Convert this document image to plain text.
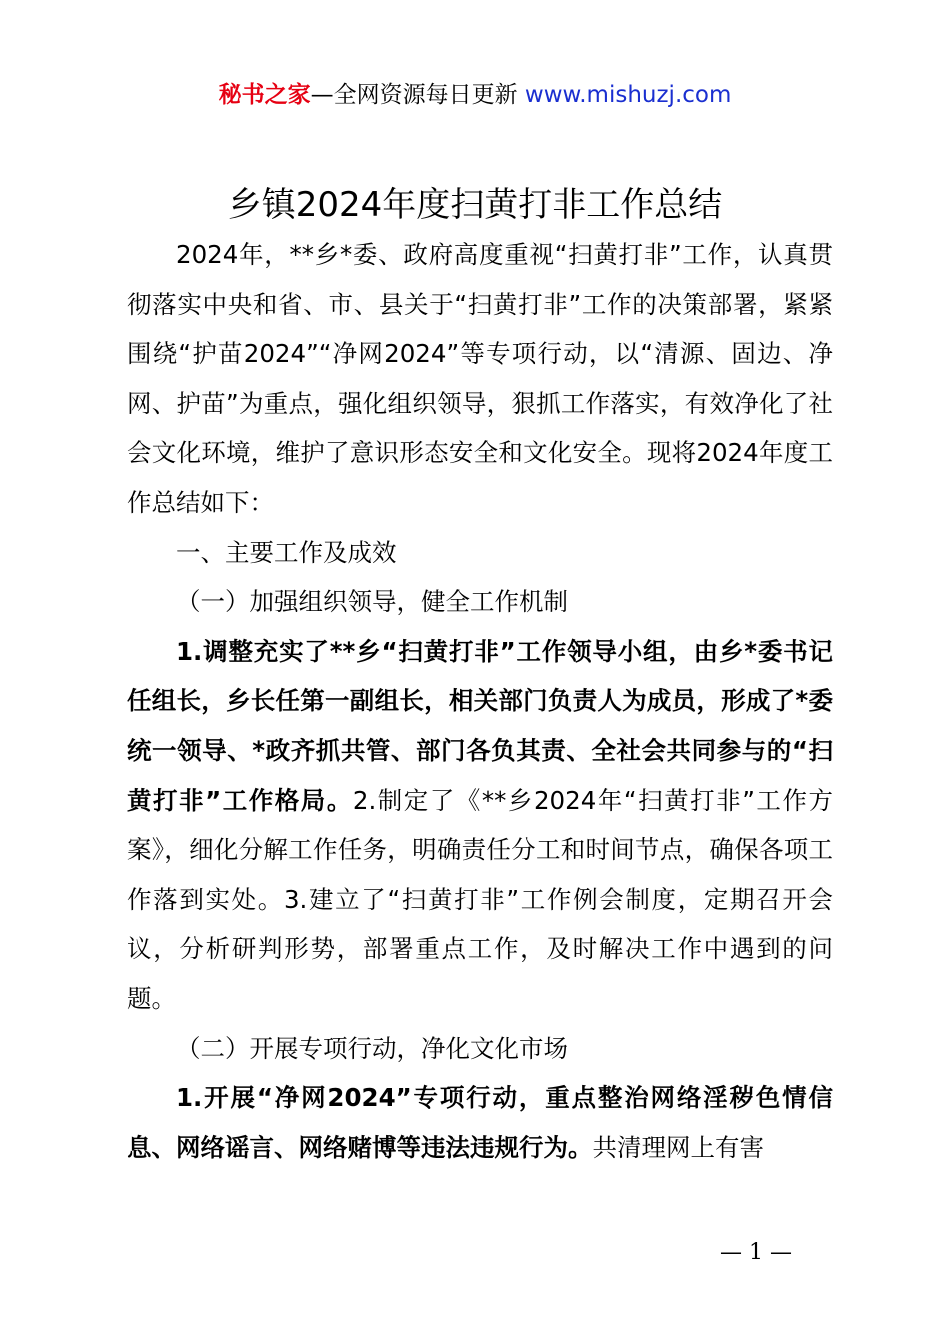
秘书之家—全网资源每日更新 www.mishuzj.com
乡镇2024年度扫黄打非工作总结

2024年，**乡*委、政府高度重视“扫黄打非”工作，认真贯彻落实中央和省、市、县关于“扫黄打非”工作的决策部署，紧紧围绕“护苗2024”“净网2024”等专项行动，以“清源、固边、净网、护苗”为重点，强化组织领导，狠抓工作落实，有效净化了社会文化环境，维护了意识形态安全和文化安全。现将2024年度工作总结如下：

一、主要工作及成效

（一）加强组织领导，健全工作机制

1.调整充实了**乡“扫黄打非”工作领导小组，由乡*委书记任组长，乡长任第一副组长，相关部门负责人为成员，形成了*委统一领导、*政齐抓共管、部门各负其责、全社会共同参与的“扫黄打非”工作格局。2.制定了《**乡2024年“扫黄打非”工作方案》，细化分解工作任务，明确责任分工和时间节点，确保各项工作落到实处。3.建立了“扫黄打非”工作例会制度，定期召开会议，分析研判形势，部署重点工作，及时解决工作中遇到的问题。

（二）开展专项行动，净化文化市场

1.开展“净网2024”专项行动，重点整治网络淫秽色情信息、网络谣言、网络赌博等违法违规行为。共清理网上有害

— 1 —
